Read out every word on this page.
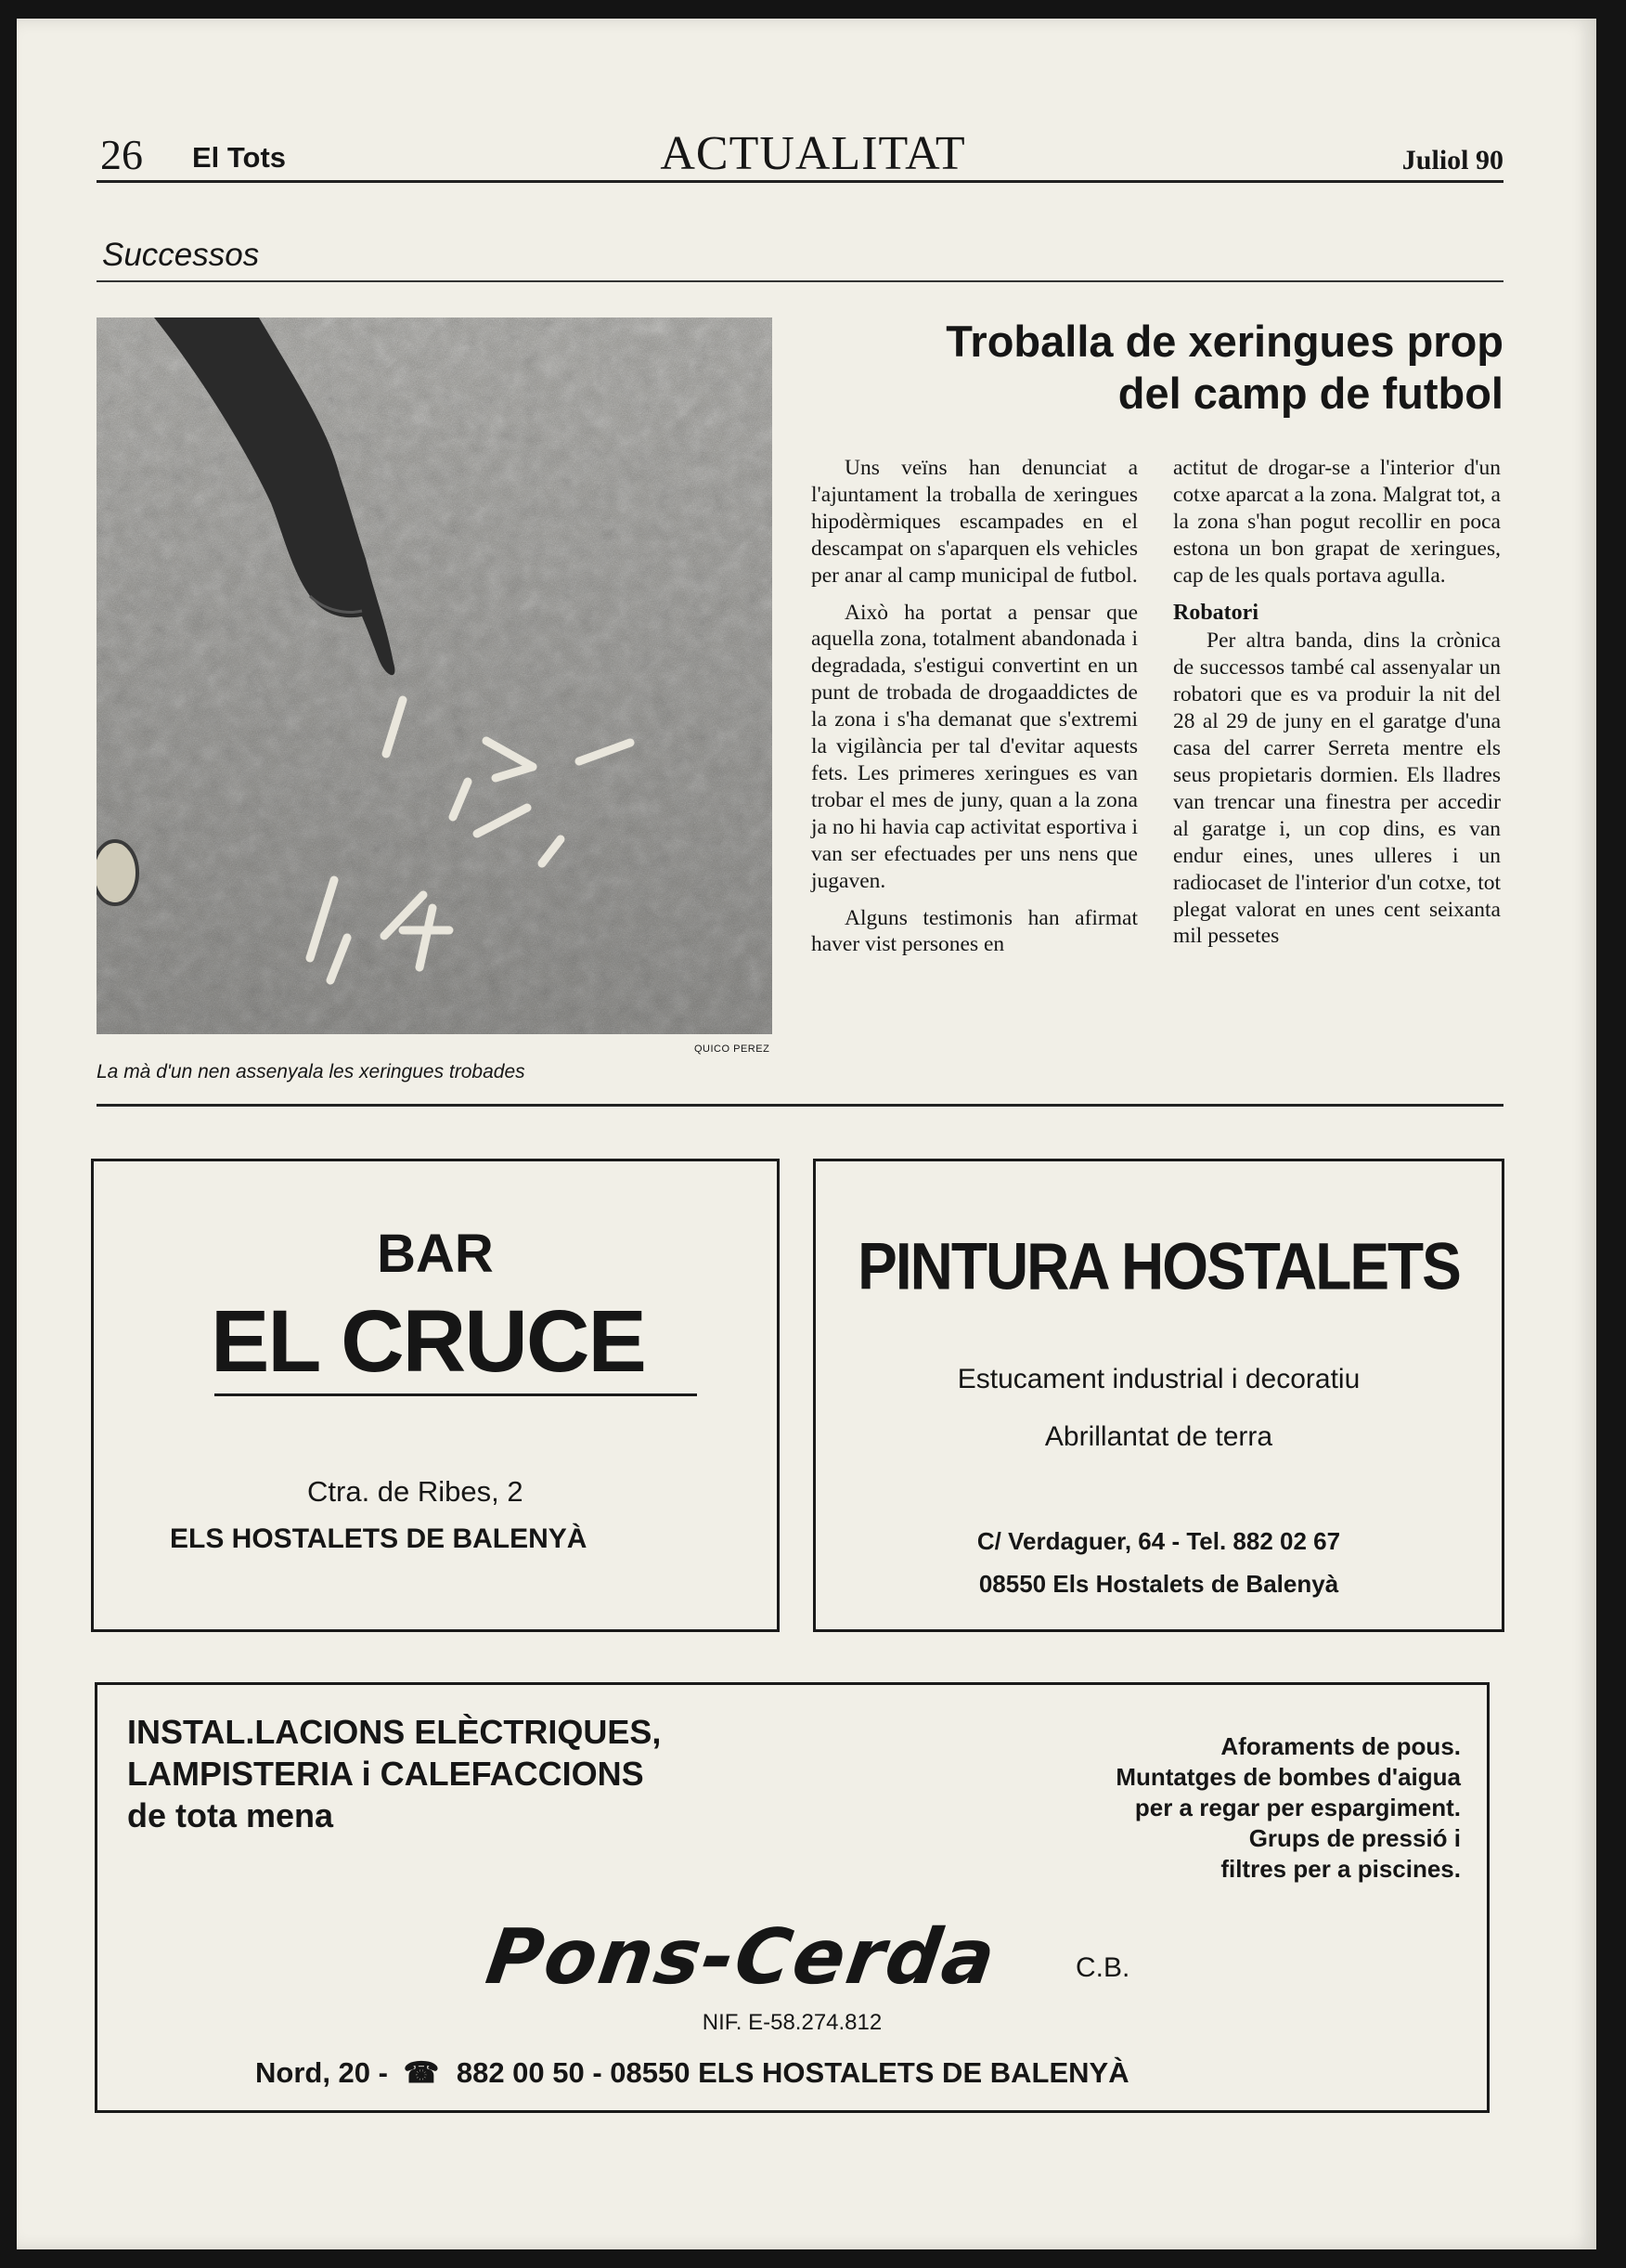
26 El Tots	ACTUALITAT	Juliol 90
Successos
QUICO PEREZ
La mà d'un nen assenyala les xeringues trobades
Troballa de xeringues prop
del camp de futbol

Uns veïns han denunciat a l'ajuntament la troballa de xeringues hipodèrmiques escampades en el descampat on s'aparquen els vehicles per anar al camp municipal de futbol.

Això ha portat a pensar que aquella zona, totalment abandonada i degradada, s'estigui convertint en un punt de trobada de drogaaddictes de la zona i s'ha demanat que s'extremi la vigilància per tal d'evitar aquests fets. Les primeres xeringues es van trobar el mes de juny, quan a la zona ja no hi havia cap activitat esportiva i van ser efectuades per uns nens que jugaven.

Alguns testimonis han afirmat haver vist persones en

actitut de drogar-se a l'interior d'un cotxe aparcat a la zona. Malgrat tot, a la zona s'han pogut recollir en poca estona un bon grapat de xeringues, cap de les quals portava agulla.

Robatori

Per altra banda, dins la crònica de successos també cal assenyalar un robatori que es va produir la nit del 28 al 29 de juny en el garatge d'una casa del carrer Serreta mentre els seus propietaris dormien. Els lladres van trencar una finestra per accedir al garatge i, un cop dins, es van endur eines, unes ulleres i un radiocaset de l'interior d'un cotxe, tot plegat valorat en unes cent seixanta mil pessetes

BAR
EL CRUCE
Ctra. de Ribes, 2
ELS HOSTALETS DE BALENYÀ
PINTURA HOSTALETS
Estucament industrial i decoratiu
Abrillantat de terra
C/ Verdaguer, 64 - Tel. 882 02 67
08550 Els Hostalets de Balenyà
INSTAL.LACIONS ELÈCTRIQUES,
LAMPISTERIA i CALEFACCIONS
de tota mena
Aforaments de pous.
Muntatges de bombes d'aigua
per a regar per espargiment.
Grups de pressió i
filtres per a piscines.
Pons-Cerda	C.B.
NIF. E-58.274.812
Nord, 20 - ☎ 882 00 50 - 08550 ELS HOSTALETS DE BALENYÀ
